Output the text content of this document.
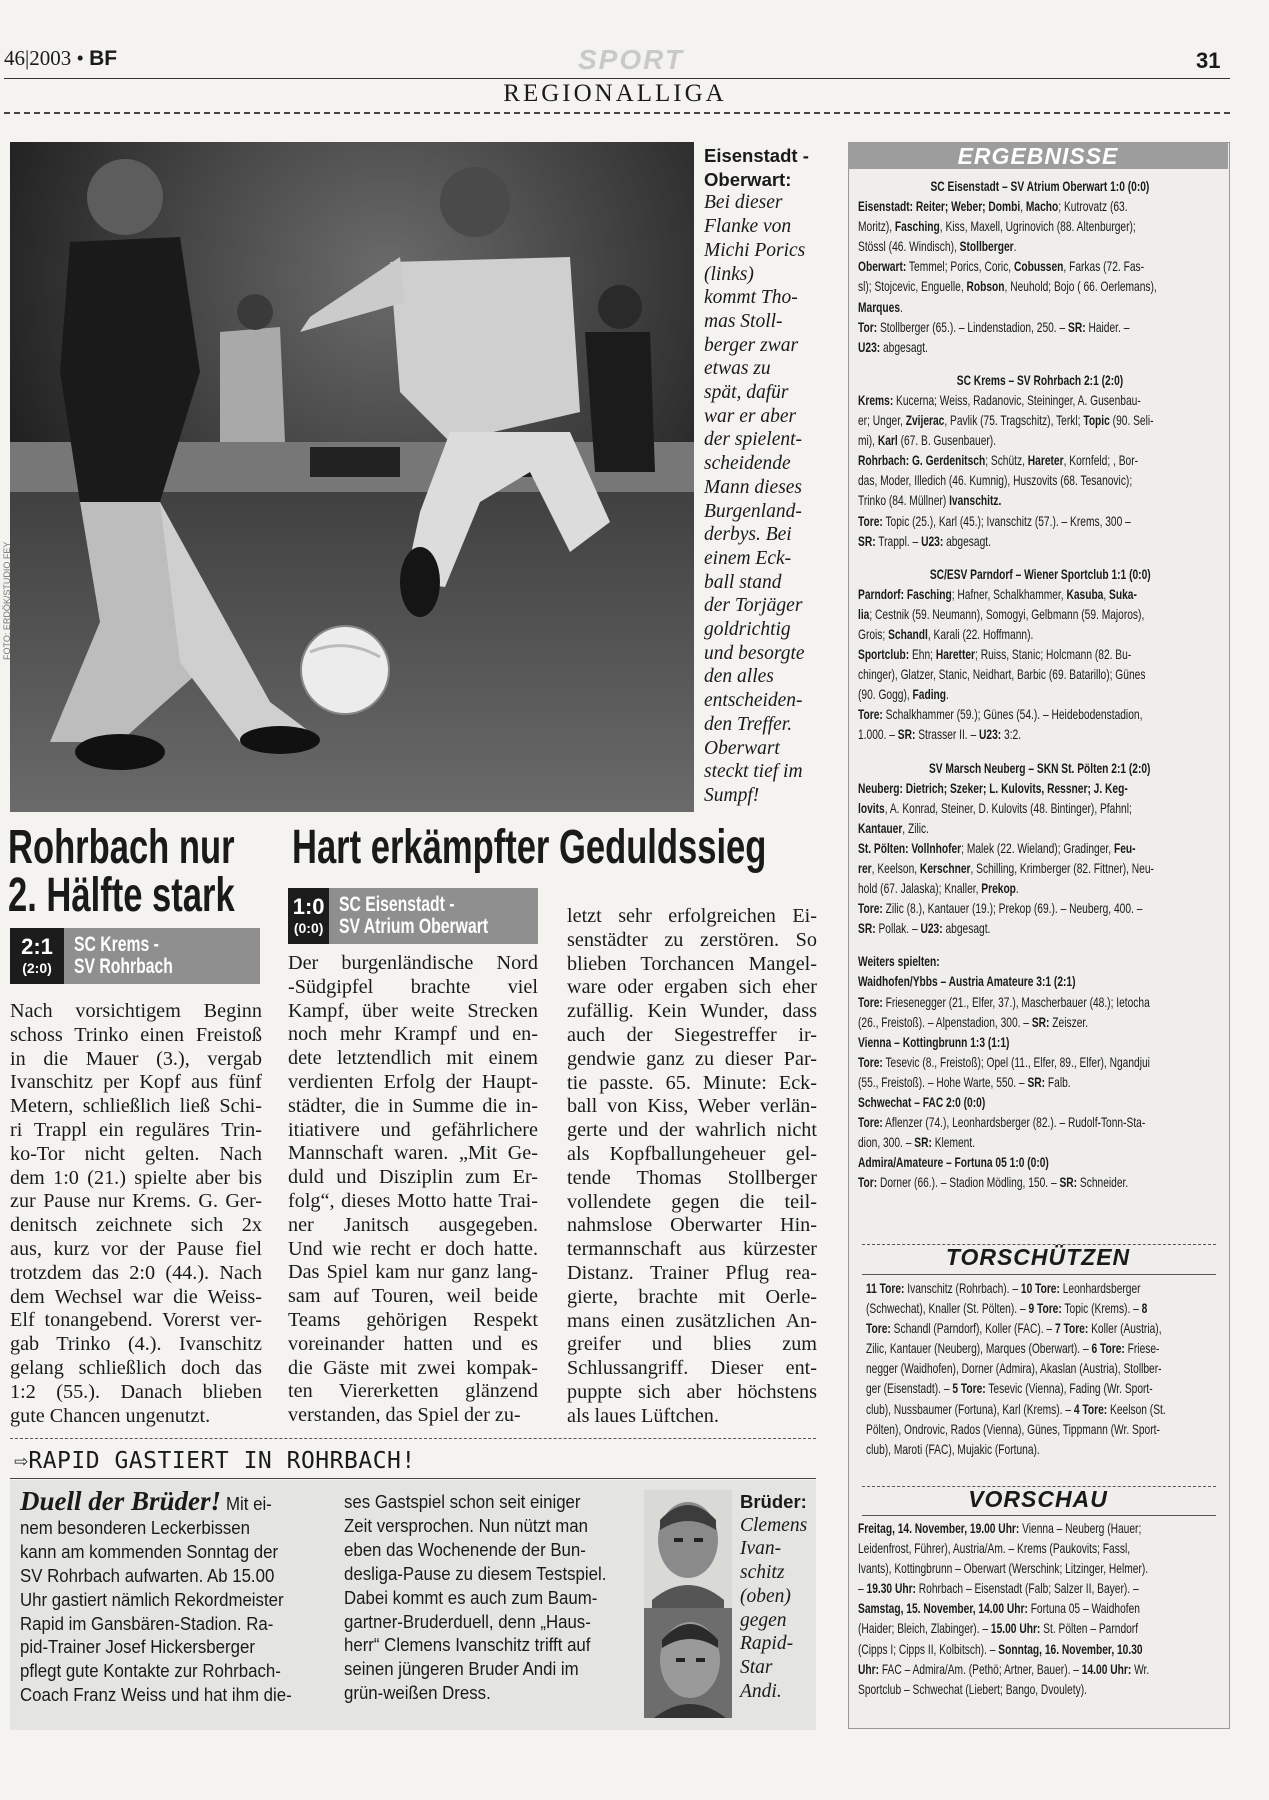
46|2003 • BF	SPORT	31
REGIONALLIGA
FOTO: ERDÖK/STUDIO FEY
Eisenstadt -
Oberwart:
Bei dieser
Flanke von
Michi Porics
(links)
kommt Tho-
mas Stoll-
berger zwar
etwas zu
spät, dafür
war er aber
der spielent-
scheidende
Mann dieses
Burgenland-
derbys. Bei
einem Eck-
ball stand
der Torjäger
goldrichtig
und besorgte
den alles
entscheiden-
den Treffer.
Oberwart
steckt tief im
Sumpf!
Rohrbach nur
2. Hälfte stark
2:1
(2:0)
SC Krems -
SV Rohrbach
Nach vorsichtigem Beginn
schoss Trinko einen Freistoß
in die Mauer (3.), vergab
Ivanschitz per Kopf aus fünf
Metern, schließlich ließ Schi-
ri Trappl ein reguläres Trin-
ko-Tor nicht gelten. Nach
dem 1:0 (21.) spielte aber bis
zur Pause nur Krems. G. Ger-
denitsch zeichnete sich 2x
aus, kurz vor der Pause fiel
trotzdem das 2:0 (44.). Nach
dem Wechsel war die Weiss-
Elf tonangebend. Vorerst ver-
gab Trinko (4.). Ivanschitz
gelang schließlich doch das
1:2 (55.). Danach blieben
gute Chancen ungenutzt.
Hart erkämpfter Geduldssieg
1:0
(0:0)
SC Eisenstadt -
SV Atrium Oberwart
Der burgenländische Nord
-Südgipfel brachte viel
Kampf, über weite Strecken
noch mehr Krampf und en-
dete letztendlich mit einem
verdienten Erfolg der Haupt-
städter, die in Summe die in-
itiativere und gefährlichere
Mannschaft waren. „Mit Ge-
duld und Disziplin zum Er-
folg“, dieses Motto hatte Trai-
ner Janitsch ausgegeben.
Und wie recht er doch hatte.
Das Spiel kam nur ganz lang-
sam auf Touren, weil beide
Teams gehörigen Respekt
voreinander hatten und es
die Gäste mit zwei kompak-
ten Viererketten glänzend
verstanden, das Spiel der zu-
letzt sehr erfolgreichen Ei-
senstädter zu zerstören. So
blieben Torchancen Mangel-
ware oder ergaben sich eher
zufällig. Kein Wunder, dass
auch der Siegestreffer ir-
gendwie ganz zu dieser Par-
tie passte. 65. Minute: Eck-
ball von Kiss, Weber verlän-
gerte und der wahrlich nicht
als Kopfballungeheuer gel-
tende Thomas Stollberger
vollendete gegen die teil-
nahmslose Oberwarter Hin-
termannschaft aus kürzester
Distanz. Trainer Pflug rea-
gierte, brachte mit Oerle-
mans einen zusätzlichen An-
greifer und blies zum
Schlussangriff. Dieser ent-
puppte sich aber höchstens
als laues Lüftchen.
⇨RAPID GASTIERT IN ROHRBACH!
Duell der Brüder! Mit ei-
nem besonderen Leckerbissen
kann am kommenden Sonntag der
SV Rohrbach aufwarten. Ab 15.00
Uhr gastiert nämlich Rekordmeister
Rapid im Gansbären-Stadion. Ra-
pid-Trainer Josef Hickersberger
pflegt gute Kontakte zur Rohrbach-
Coach Franz Weiss und hat ihm die-
ses Gastspiel schon seit einiger
Zeit versprochen. Nun nützt man
eben das Wochenende der Bun-
desliga-Pause zu diesem Testspiel.
Dabei kommt es auch zum Baum-
gartner-Bruderduell, denn „Haus-
herr“ Clemens Ivanschitz trifft auf
seinen jüngeren Bruder Andi im
grün-weißen Dress.
Brüder:
Clemens
Ivan-
schitz
(oben)
gegen
Rapid-
Star
Andi.
ERGEBNISSE
SC Eisenstadt – SV Atrium Oberwart 1:0 (0:0)
Eisenstadt: Reiter; Weber; Dombi, Macho; Kutrovatz (63.
Moritz), Fasching, Kiss, Maxell, Ugrinovich (88. Altenburger);
Stössl (46. Windisch), Stollberger.
Oberwart: Temmel; Porics, Coric, Cobussen, Farkas (72. Fas-
sl); Stojcevic, Enguelle, Robson, Neuhold; Bojo ( 66. Oerlemans),
Marques.
Tor: Stollberger (65.). – Lindenstadion, 250. – SR: Haider. –
U23: abgesagt.
SC Krems – SV Rohrbach 2:1 (2:0)
Krems: Kucerna; Weiss, Radanovic, Steininger, A. Gusenbau-
er; Unger, Zvijerac, Pavlik (75. Tragschitz), Terkl; Topic (90. Seli-
mi), Karl (67. B. Gusenbauer).
Rohrbach: G. Gerdenitsch; Schütz, Hareter, Kornfeld; , Bor-
das, Moder, Illedich (46. Kumnig), Huszovits (68. Tesanovic);
Trinko (84. Müllner) Ivanschitz.
Tore: Topic (25.), Karl (45.); Ivanschitz (57.). – Krems, 300 –
SR: Trappl. – U23: abgesagt.
SC/ESV Parndorf – Wiener Sportclub 1:1 (0:0)
Parndorf: Fasching; Hafner, Schalkhammer, Kasuba, Suka-
lia; Cestnik (59. Neumann), Somogyi, Gelbmann (59. Majoros),
Grois; Schandl, Karali (22. Hoffmann).
Sportclub: Ehn; Haretter; Ruiss, Stanic; Holcmann (82. Bu-
chinger), Glatzer, Stanic, Neidhart, Barbic (69. Batarillo); Günes
(90. Gogg), Fading.
Tore: Schalkhammer (59.); Günes (54.). – Heidebodenstadion,
1.000. – SR: Strasser II. – U23: 3:2.
SV Marsch Neuberg – SKN St. Pölten 2:1 (2:0)
Neuberg: Dietrich; Szeker; L. Kulovits, Ressner; J. Keg-
lovits, A. Konrad, Steiner, D. Kulovits (48. Bintinger), Pfahnl;
Kantauer, Zilic.
St. Pölten: Vollnhofer; Malek (22. Wieland); Gradinger, Feu-
rer, Keelson, Kerschner, Schilling, Krimberger (82. Fittner), Neu-
hold (67. Jalaska); Knaller, Prekop.
Tore: Zilic (8.), Kantauer (19.); Prekop (69.). – Neuberg, 400. –
SR: Pollak. – U23: abgesagt.
Weiters spielten:
Waidhofen/Ybbs – Austria Amateure 3:1 (2:1)
Tore: Friesenegger (21., Elfer, 37.), Mascherbauer (48.); Ietocha
(26., Freistoß). – Alpenstadion, 300. – SR: Zeiszer.
Vienna – Kottingbrunn 1:3 (1:1)
Tore: Tesevic (8., Freistoß); Opel (11., Elfer, 89., Elfer), Ngandjui
(55., Freistoß). – Hohe Warte, 550. – SR: Falb.
Schwechat – FAC 2:0 (0:0)
Tore: Aflenzer (74.), Leonhardsberger (82.). – Rudolf-Tonn-Sta-
dion, 300. – SR: Klement.
Admira/Amateure – Fortuna 05 1:0 (0:0)
Tor: Dorner (66.). – Stadion Mödling, 150. – SR: Schneider.
TORSCHÜTZEN
11 Tore: Ivanschitz (Rohrbach). – 10 Tore: Leonhardsberger
(Schwechat), Knaller (St. Pölten). – 9 Tore: Topic (Krems). – 8
Tore: Schandl (Parndorf), Koller (FAC). – 7 Tore: Koller (Austria),
Zilic, Kantauer (Neuberg), Marques (Oberwart). – 6 Tore: Friese-
negger (Waidhofen), Dorner (Admira), Akaslan (Austria), Stollber-
ger (Eisenstadt). – 5 Tore: Tesevic (Vienna), Fading (Wr. Sport-
club), Nussbaumer (Fortuna), Karl (Krems). – 4 Tore: Keelson (St.
Pölten), Ondrovic, Rados (Vienna), Günes, Tippmann (Wr. Sport-
club), Maroti (FAC), Mujakic (Fortuna).
VORSCHAU
Freitag, 14. November, 19.00 Uhr: Vienna – Neuberg (Hauer;
Leidenfrost, Führer), Austria/Am. – Krems (Paukovits; Fassl,
Ivants), Kottingbrunn – Oberwart (Werschink; Litzinger, Helmer).
– 19.30 Uhr: Rohrbach – Eisenstadt (Falb; Salzer II, Bayer). –
Samstag, 15. November, 14.00 Uhr: Fortuna 05 – Waidhofen
(Haider; Bleich, Zlabinger). – 15.00 Uhr: St. Pölten – Parndorf
(Cipps I; Cipps II, Kolbitsch). – Sonntag, 16. November, 10.30
Uhr: FAC – Admira/Am. (Pethö; Artner, Bauer). – 14.00 Uhr: Wr.
Sportclub – Schwechat (Liebert; Bango, Dvoulety).
